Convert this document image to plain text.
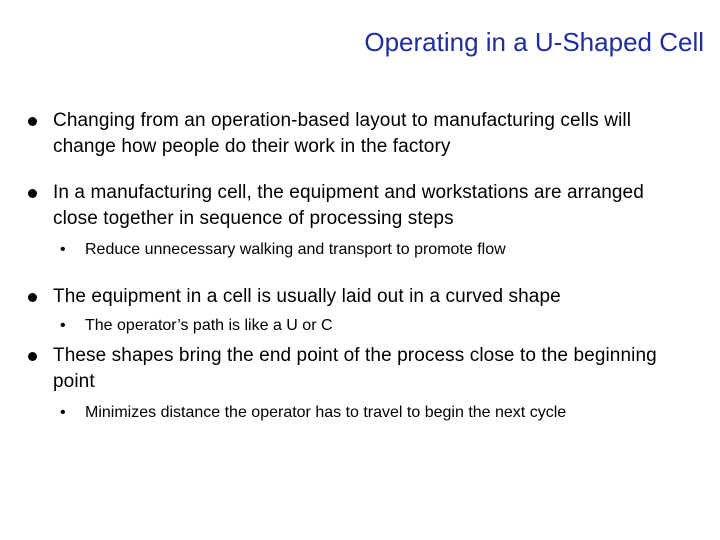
Operating in a U-Shaped Cell
Changing from an operation-based layout to manufacturing cells will change how people do their work in the factory
In a manufacturing cell, the equipment and workstations are arranged close together in sequence of processing steps
• Reduce unnecessary walking and transport to promote flow
The equipment in a cell is usually laid out in a curved shape
• The operator’s path is like a U or C
These shapes bring the end point of the process close to the beginning point
• Minimizes distance the operator has to travel to begin the next cycle
